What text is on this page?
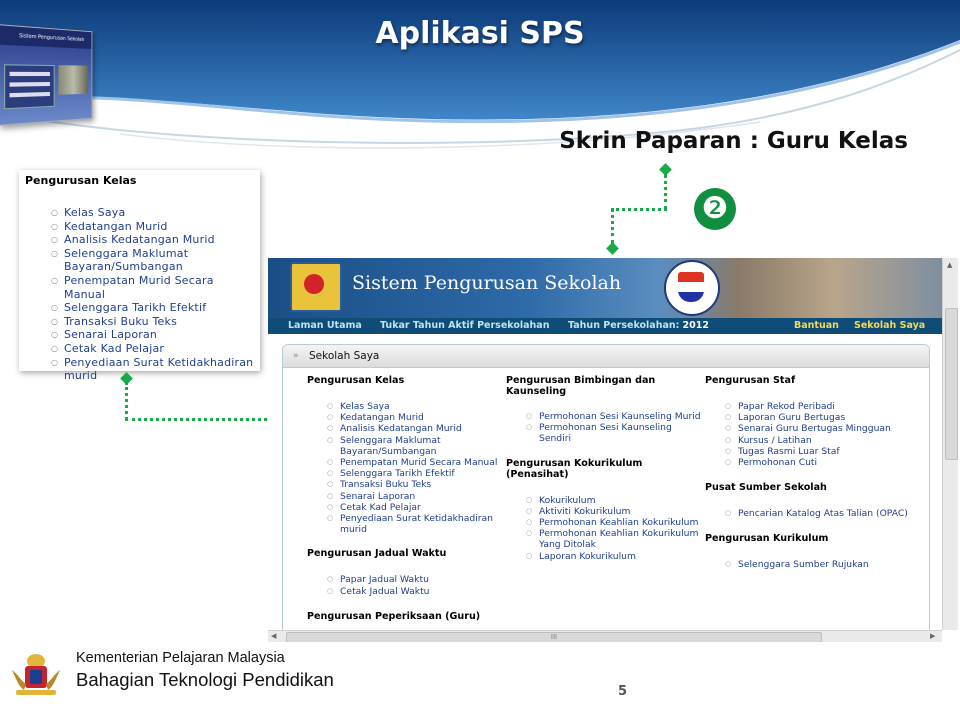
Aplikasi SPS
Sistem Pengurusan Sekolah
Skrin Paparan : Guru Kelas
Pengurusan Kelas
○ Kelas Saya
○ Kedatangan Murid
○ Analisis Kedatangan Murid
○ Selenggara Maklumat Bayaran/Sumbangan
○ Penempatan Murid Secara Manual
○ Selenggara Tarikh Efektif
○ Transaksi Buku Teks
○ Senarai Laporan
○ Cetak Kad Pelajar
○ Penyediaan Surat Ketidakhadiran murid
❷
Sistem Pengurusan Sekolah
Laman Utama Tukar Tahun Aktif Persekolahan Tahun Persekolahan: 2012	Bantuan Sekolah Saya
» Sekolah Saya
Pengurusan Kelas
○ Kelas Saya
○ Kedatangan Murid
○ Analisis Kedatangan Murid
○ Selenggara Maklumat Bayaran/Sumbangan
○ Penempatan Murid Secara Manual
○ Selenggara Tarikh Efektif
○ Transaksi Buku Teks
○ Senarai Laporan
○ Cetak Kad Pelajar
○ Penyediaan Surat Ketidakhadiran murid
Pengurusan Jadual Waktu
○ Papar Jadual Waktu
○ Cetak Jadual Waktu
Pengurusan Peperiksaan (Guru)
Pengurusan Bimbingan dan Kaunseling
○ Permohonan Sesi Kaunseling Murid
○ Permohonan Sesi Kaunseling Sendiri
Pengurusan Kokurikulum (Penasihat)
○ Kokurikulum
○ Aktiviti Kokurikulum
○ Permohonan Keahlian Kokurikulum
○ Permohonan Keahlian Kokurikulum Yang Ditolak
○ Laporan Kokurikulum
Pengurusan Staf
○ Papar Rekod Peribadi
○ Laporan Guru Bertugas
○ Senarai Guru Bertugas Mingguan
○ Kursus / Latihan
○ Tugas Rasmi Luar Staf
○ Permohonan Cuti
Pusat Sumber Sekolah
○ Pencarian Katalog Atas Talian (OPAC)
Pengurusan Kurikulum
○ Selenggara Sumber Rujukan
▲
◀	III	▶
Kementerian Pelajaran Malaysia
Bahagian Teknologi Pendidikan
5
